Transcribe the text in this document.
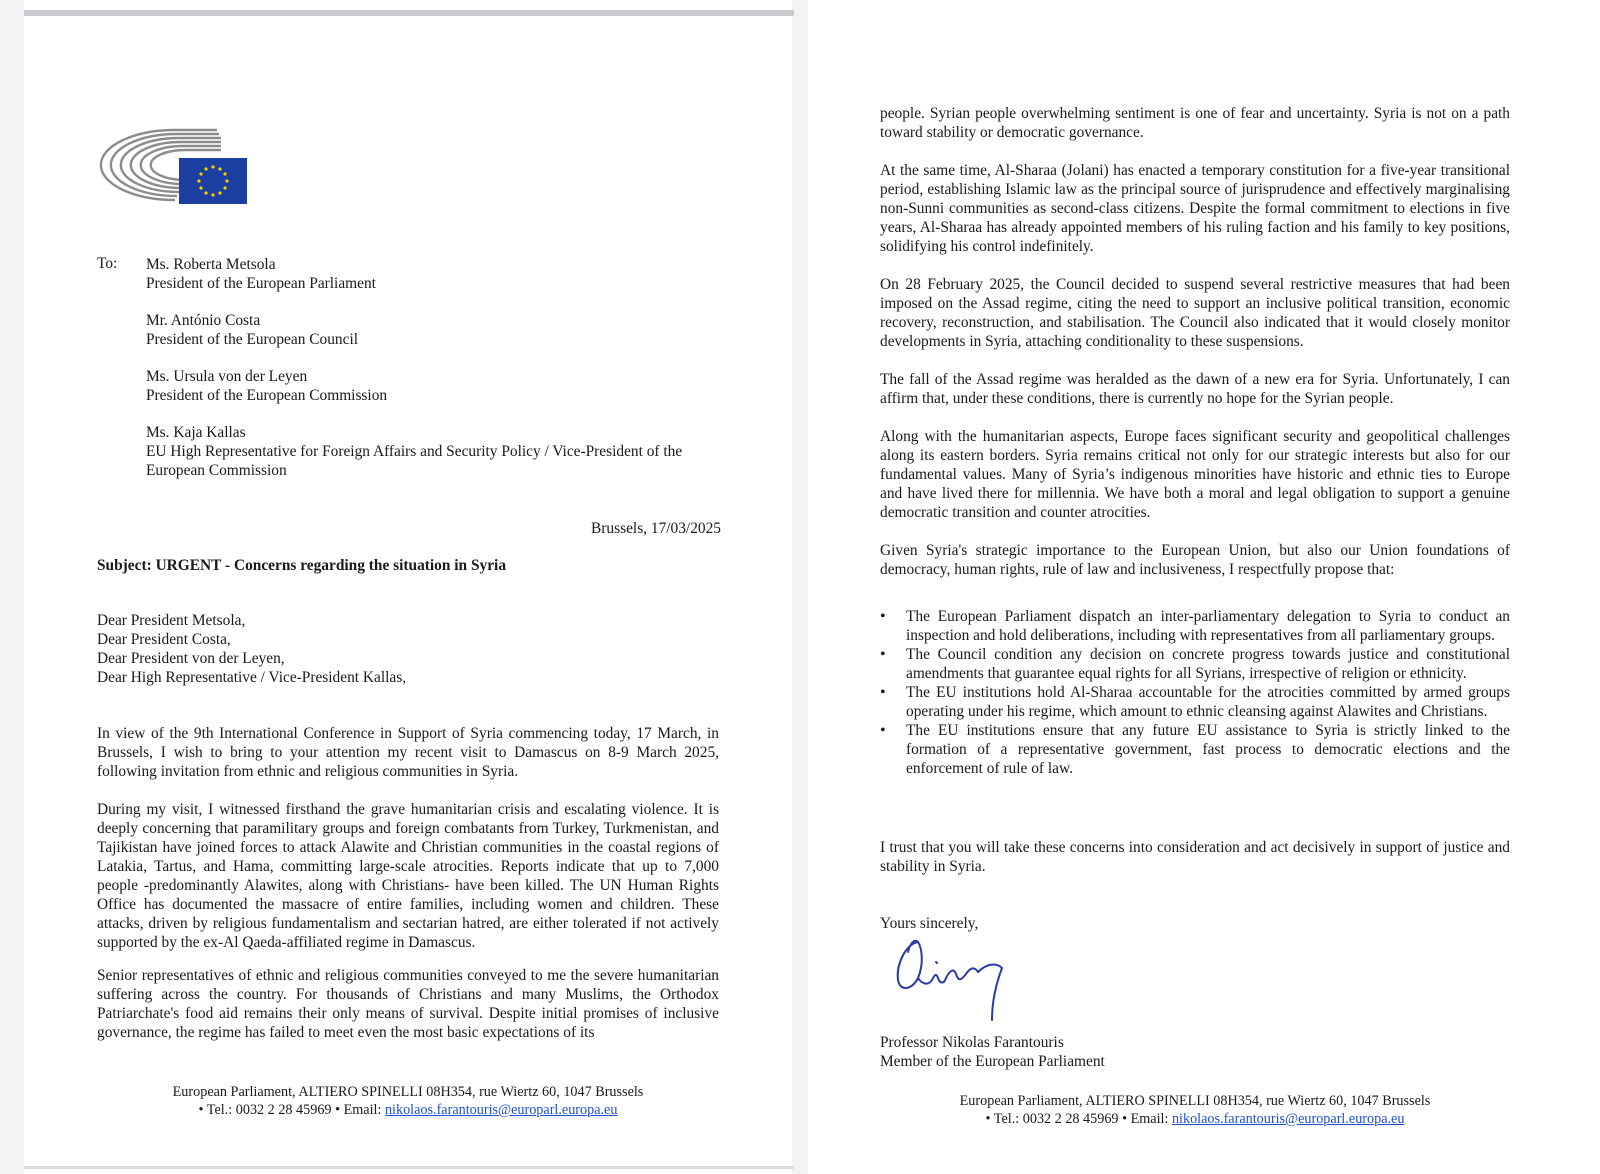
To: Ms. Roberta Metsola
President of the European Parliament
Mr. António Costa
President of the European Council
Ms. Ursula von der Leyen
President of the European Commission
Ms. Kaja Kallas
EU High Representative for Foreign Affairs and Security Policy / Vice-President of the European Commission
Brussels, 17/03/2025
Subject: URGENT - Concerns regarding the situation in Syria
Dear President Metsola,
Dear President Costa,
Dear President von der Leyen,
Dear High Representative / Vice-President Kallas,
In view of the 9th International Conference in Support of Syria commencing today, 17 March, in Brussels, I wish to bring to your attention my recent visit to Damascus on 8-9 March 2025, following invitation from ethnic and religious communities in Syria.
During my visit, I witnessed firsthand the grave humanitarian crisis and escalating violence. It is deeply concerning that paramilitary groups and foreign combatants from Turkey, Turkmenistan, and Tajikistan have joined forces to attack Alawite and Christian communities in the coastal regions of Latakia, Tartus, and Hama, committing large-scale atrocities. Reports indicate that up to 7,000 people -predominantly Alawites, along with Christians- have been killed. The UN Human Rights Office has documented the massacre of entire families, including women and children. These attacks, driven by religious fundamentalism and sectarian hatred, are either tolerated if not actively supported by the ex-Al Qaeda-affiliated regime in Damascus.
Senior representatives of ethnic and religious communities conveyed to me the severe humanitarian suffering across the country. For thousands of Christians and many Muslims, the Orthodox Patriarchate's food aid remains their only means of survival. Despite initial promises of inclusive governance, the regime has failed to meet even the most basic expectations of its
European Parliament, ALTIERO SPINELLI 08H354, rue Wiertz 60, 1047 Brussels
• Tel.: 0032 2 28 45969 • Email: nikolaos.farantouris@europarl.europa.eu
people. Syrian people overwhelming sentiment is one of fear and uncertainty. Syria is not on a path toward stability or democratic governance.
At the same time, Al-Sharaa (Jolani) has enacted a temporary constitution for a five-year transitional period, establishing Islamic law as the principal source of jurisprudence and effectively marginalising non-Sunni communities as second-class citizens. Despite the formal commitment to elections in five years, Al-Sharaa has already appointed members of his ruling faction and his family to key positions, solidifying his control indefinitely.
On 28 February 2025, the Council decided to suspend several restrictive measures that had been imposed on the Assad regime, citing the need to support an inclusive political transition, economic recovery, reconstruction, and stabilisation. The Council also indicated that it would closely monitor developments in Syria, attaching conditionality to these suspensions.
The fall of the Assad regime was heralded as the dawn of a new era for Syria. Unfortunately, I can affirm that, under these conditions, there is currently no hope for the Syrian people.
Along with the humanitarian aspects, Europe faces significant security and geopolitical challenges along its eastern borders. Syria remains critical not only for our strategic interests but also for our fundamental values. Many of Syria’s indigenous minorities have historic and ethnic ties to Europe and have lived there for millennia. We have both a moral and legal obligation to support a genuine democratic transition and counter atrocities.
Given Syria's strategic importance to the European Union, but also our Union foundations of democracy, human rights, rule of law and inclusiveness, I respectfully propose that:
• The European Parliament dispatch an inter-parliamentary delegation to Syria to conduct an inspection and hold deliberations, including with representatives from all parliamentary groups.
• The Council condition any decision on concrete progress towards justice and constitutional amendments that guarantee equal rights for all Syrians, irrespective of religion or ethnicity.
• The EU institutions hold Al-Sharaa accountable for the atrocities committed by armed groups operating under his regime, which amount to ethnic cleansing against Alawites and Christians.
• The EU institutions ensure that any future EU assistance to Syria is strictly linked to the formation of a representative government, fast process to democratic elections and the enforcement of rule of law.
I trust that you will take these concerns into consideration and act decisively in support of justice and stability in Syria.
Yours sincerely,
Professor Nikolas Farantouris
Member of the European Parliament
European Parliament, ALTIERO SPINELLI 08H354, rue Wiertz 60, 1047 Brussels
• Tel.: 0032 2 28 45969 • Email: nikolaos.farantouris@europarl.europa.eu
